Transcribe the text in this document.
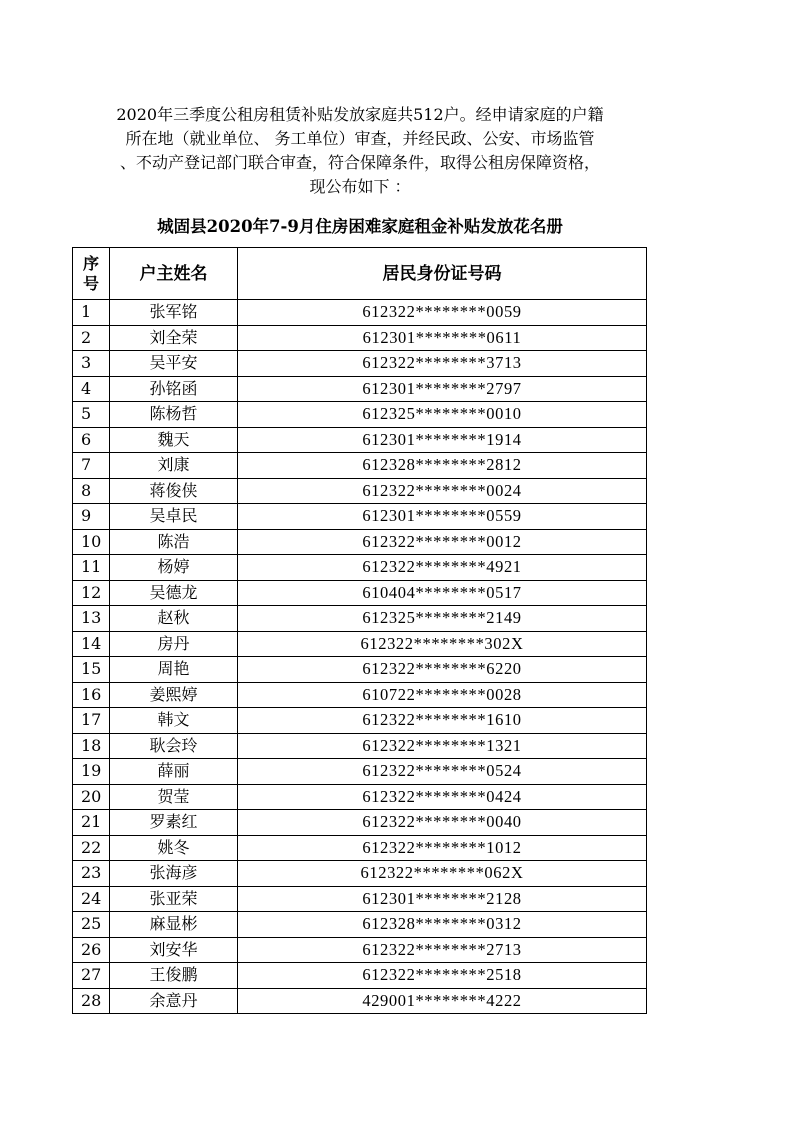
2020年三季度公租房租赁补贴发放家庭共512户。经申请家庭的户籍
所在地（就业单位、 务工单位）审查，并经民政、公安、市场监管
、不动产登记部门联合审查，符合保障条件，取得公租房保障资格，
现公布如下 ：

城固县2020年7-9月住房困难家庭租金补贴发放花名册
序
号	户主姓名	居民身份证号码
1	张军铭	612322********0059
2	刘全荣	612301********0611
3	吴平安	612322********3713
4	孙铭函	612301********2797
5	陈杨哲	612325********0010
6	魏天	612301********1914
7	刘康	612328********2812
8	蒋俊侠	612322********0024
9	吴卓民	612301********0559
10	陈浩	612322********0012
11	杨婷	612322********4921
12	吴德龙	610404********0517
13	赵秋	612325********2149
14	房丹	612322********302X
15	周艳	612322********6220
16	姜熙婷	610722********0028
17	韩文	612322********1610
18	耿会玲	612322********1321
19	薛丽	612322********0524
20	贺莹	612322********0424
21	罗素红	612322********0040
22	姚冬	612322********1012
23	张海彦	612322********062X
24	张亚荣	612301********2128
25	麻显彬	612328********0312
26	刘安华	612322********2713
27	王俊鹏	612322********2518
28	余意丹	429001********4222
